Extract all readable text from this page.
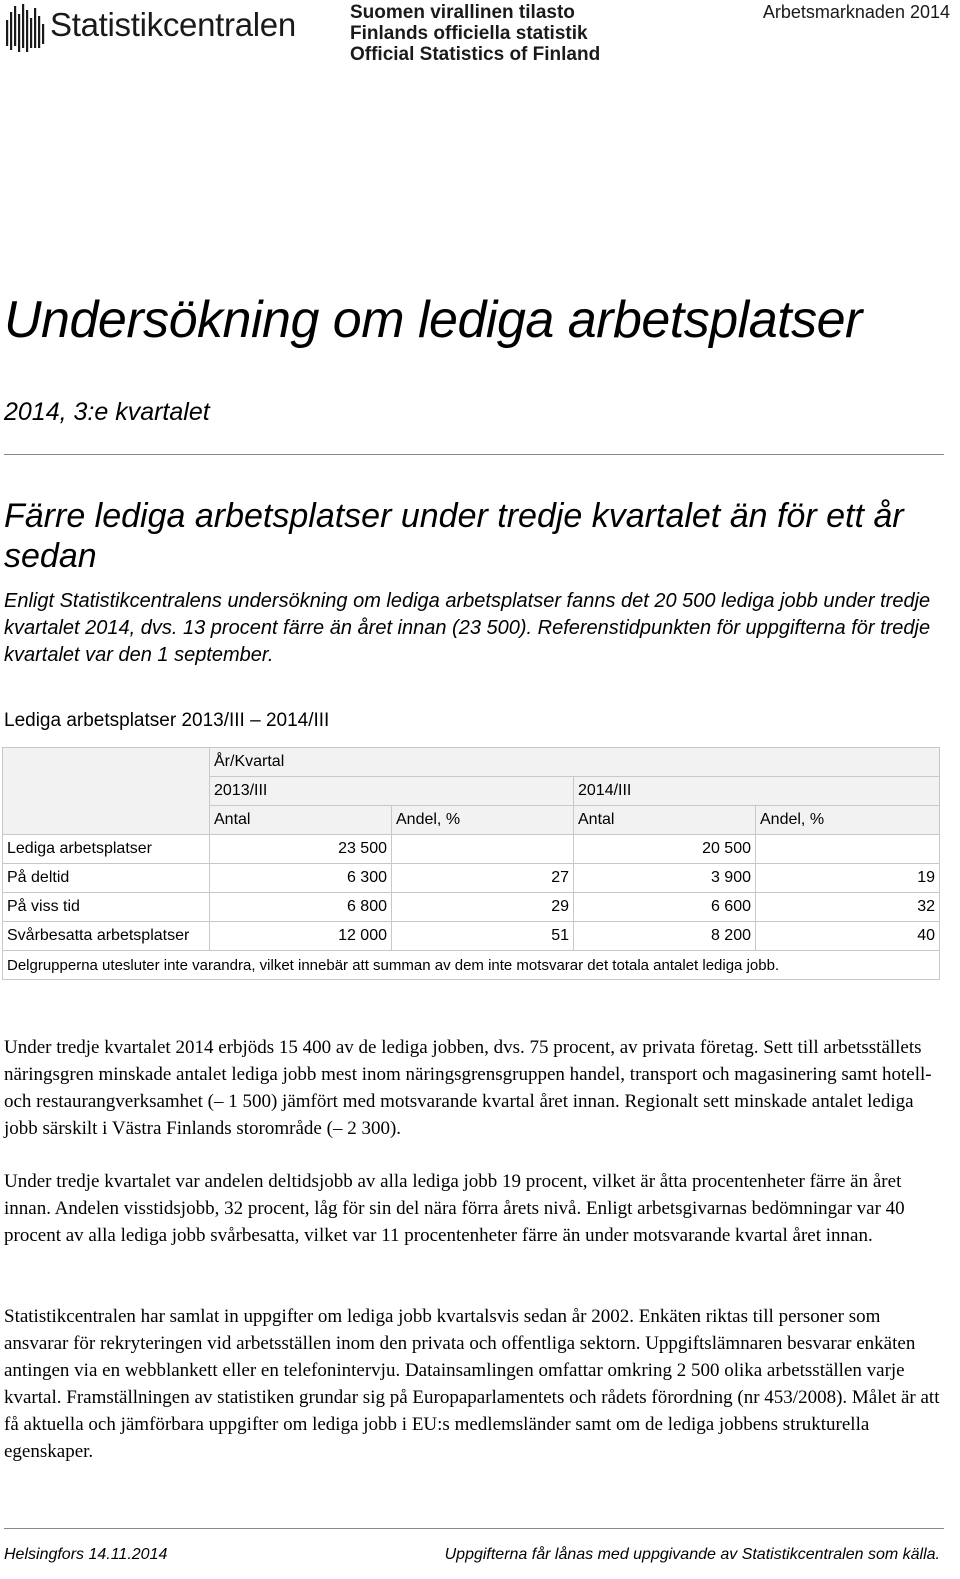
Statistikcentralen	Suomen virallinen tilasto
Finlands officiella statistik
Official Statistics of Finland
Arbetsmarknaden 2014
Undersökning om lediga arbetsplatser
2014, 3:e kvartalet
Färre lediga arbetsplatser under tredje kvartalet än för ett år sedan

Enligt Statistikcentralens undersökning om lediga arbetsplatser fanns det 20 500 lediga jobb under tredje kvartalet 2014, dvs. 13 procent färre än året innan (23 500). Referenstidpunkten för uppgifterna för tredje kvartalet var den 1 september.

Lediga arbetsplatser 2013/III – 2014/III
	År/Kvartal			
	2013/III		2014/III	
	Antal	Andel, %	Antal	Andel, %
Lediga arbetsplatser	23 500		20 500	
På deltid	6 300	27	3 900	19
På viss tid	6 800	29	6 600	32
Svårbesatta arbetsplatser	12 000	51	8 200	40
Delgrupperna utesluter inte varandra, vilket innebär att summan av dem inte motsvarar det totala antalet lediga jobb.				

Under tredje kvartalet 2014 erbjöds 15 400 av de lediga jobben, dvs. 75 procent, av privata företag. Sett till arbetsställets näringsgren minskade antalet lediga jobb mest inom näringsgrensgruppen handel, transport och magasinering samt hotell- och restaurangverksamhet (– 1 500) jämfört med motsvarande kvartal året innan. Regionalt sett minskade antalet lediga jobb särskilt i Västra Finlands storområde (– 2 300).

Under tredje kvartalet var andelen deltidsjobb av alla lediga jobb 19 procent, vilket är åtta procentenheter färre än året innan. Andelen visstidsjobb, 32 procent, låg för sin del nära förra årets nivå. Enligt arbetsgivarnas bedömningar var 40 procent av alla lediga jobb svårbesatta, vilket var 11 procentenheter färre än under motsvarande kvartal året innan.

Statistikcentralen har samlat in uppgifter om lediga jobb kvartalsvis sedan år 2002. Enkäten riktas till personer som ansvarar för rekryteringen vid arbetsställen inom den privata och offentliga sektorn. Uppgiftslämnaren besvarar enkäten antingen via en webblankett eller en telefonintervju. Datainsamlingen omfattar omkring 2 500 olika arbetsställen varje kvartal. Framställningen av statistiken grundar sig på Europaparlamentets och rådets förordning (nr 453/2008). Målet är att få aktuella och jämförbara uppgifter om lediga jobb i EU:s medlemsländer samt om de lediga jobbens strukturella egenskaper.

Helsingfors 14.11.2014	Uppgifterna får lånas med uppgivande av Statistikcentralen som källa.
